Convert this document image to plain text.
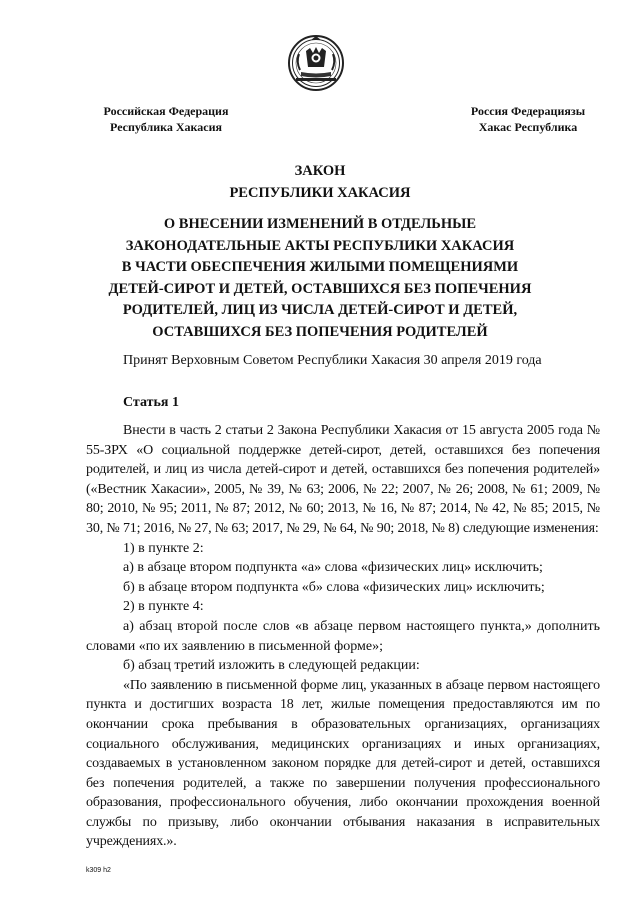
Российская Федерация
Республика Хакасия
Россия Федерациязы
Хакас Республика
ЗАКОН
РЕСПУБЛИКИ ХАКАСИЯ
О ВНЕСЕНИИ ИЗМЕНЕНИЙ В ОТДЕЛЬНЫЕ
ЗАКОНОДАТЕЛЬНЫЕ АКТЫ РЕСПУБЛИКИ ХАКАСИЯ
В ЧАСТИ ОБЕСПЕЧЕНИЯ ЖИЛЫМИ ПОМЕЩЕНИЯМИ
ДЕТЕЙ-СИРОТ И ДЕТЕЙ, ОСТАВШИХСЯ БЕЗ ПОПЕЧЕНИЯ
РОДИТЕЛЕЙ, ЛИЦ ИЗ ЧИСЛА ДЕТЕЙ-СИРОТ И ДЕТЕЙ,
ОСТАВШИХСЯ БЕЗ ПОПЕЧЕНИЯ РОДИТЕЛЕЙ
Принят Верховным Советом Республики Хакасия 30 апреля 2019 года
Статья 1

Внести в часть 2 статьи 2 Закона Республики Хакасия от 15 августа 2005 года № 55-ЗРХ «О социальной поддержке детей-сирот, детей, оставшихся без попечения родителей, и лиц из числа детей-сирот и детей, оставшихся без попечения родителей» («Вестник Хакасии», 2005, № 39, № 63; 2006, № 22; 2007, № 26; 2008, № 61; 2009, № 80; 2010, № 95; 2011, № 87; 2012, № 60; 2013, № 16, № 87; 2014, № 42, № 85; 2015, № 30, № 71; 2016, № 27, № 63; 2017, № 29, № 64, № 90; 2018, № 8) следующие изменения:

1) в пункте 2:

а) в абзаце втором подпункта «а» слова «физических лиц» исключить;

б) в абзаце втором подпункта «б» слова «физических лиц» исключить;

2) в пункте 4:

а) абзац второй после слов «в абзаце первом настоящего пункта,» дополнить словами «по их заявлению в письменной форме»;

б) абзац третий изложить в следующей редакции:

«По заявлению в письменной форме лиц, указанных в абзаце первом настоящего пункта и достигших возраста 18 лет, жилые помещения предоставляются им по окончании срока пребывания в образовательных организациях, организациях социального обслуживания, медицинских организациях и иных организациях, создаваемых в установленном законом порядке для детей-сирот и детей, оставшихся без попечения родителей, а также по завершении получения профессионального образования, профессионального обучения, либо окончании прохождения военной службы по призыву, либо окончании отбывания наказания в исправительных учреждениях.».

k309 h2
